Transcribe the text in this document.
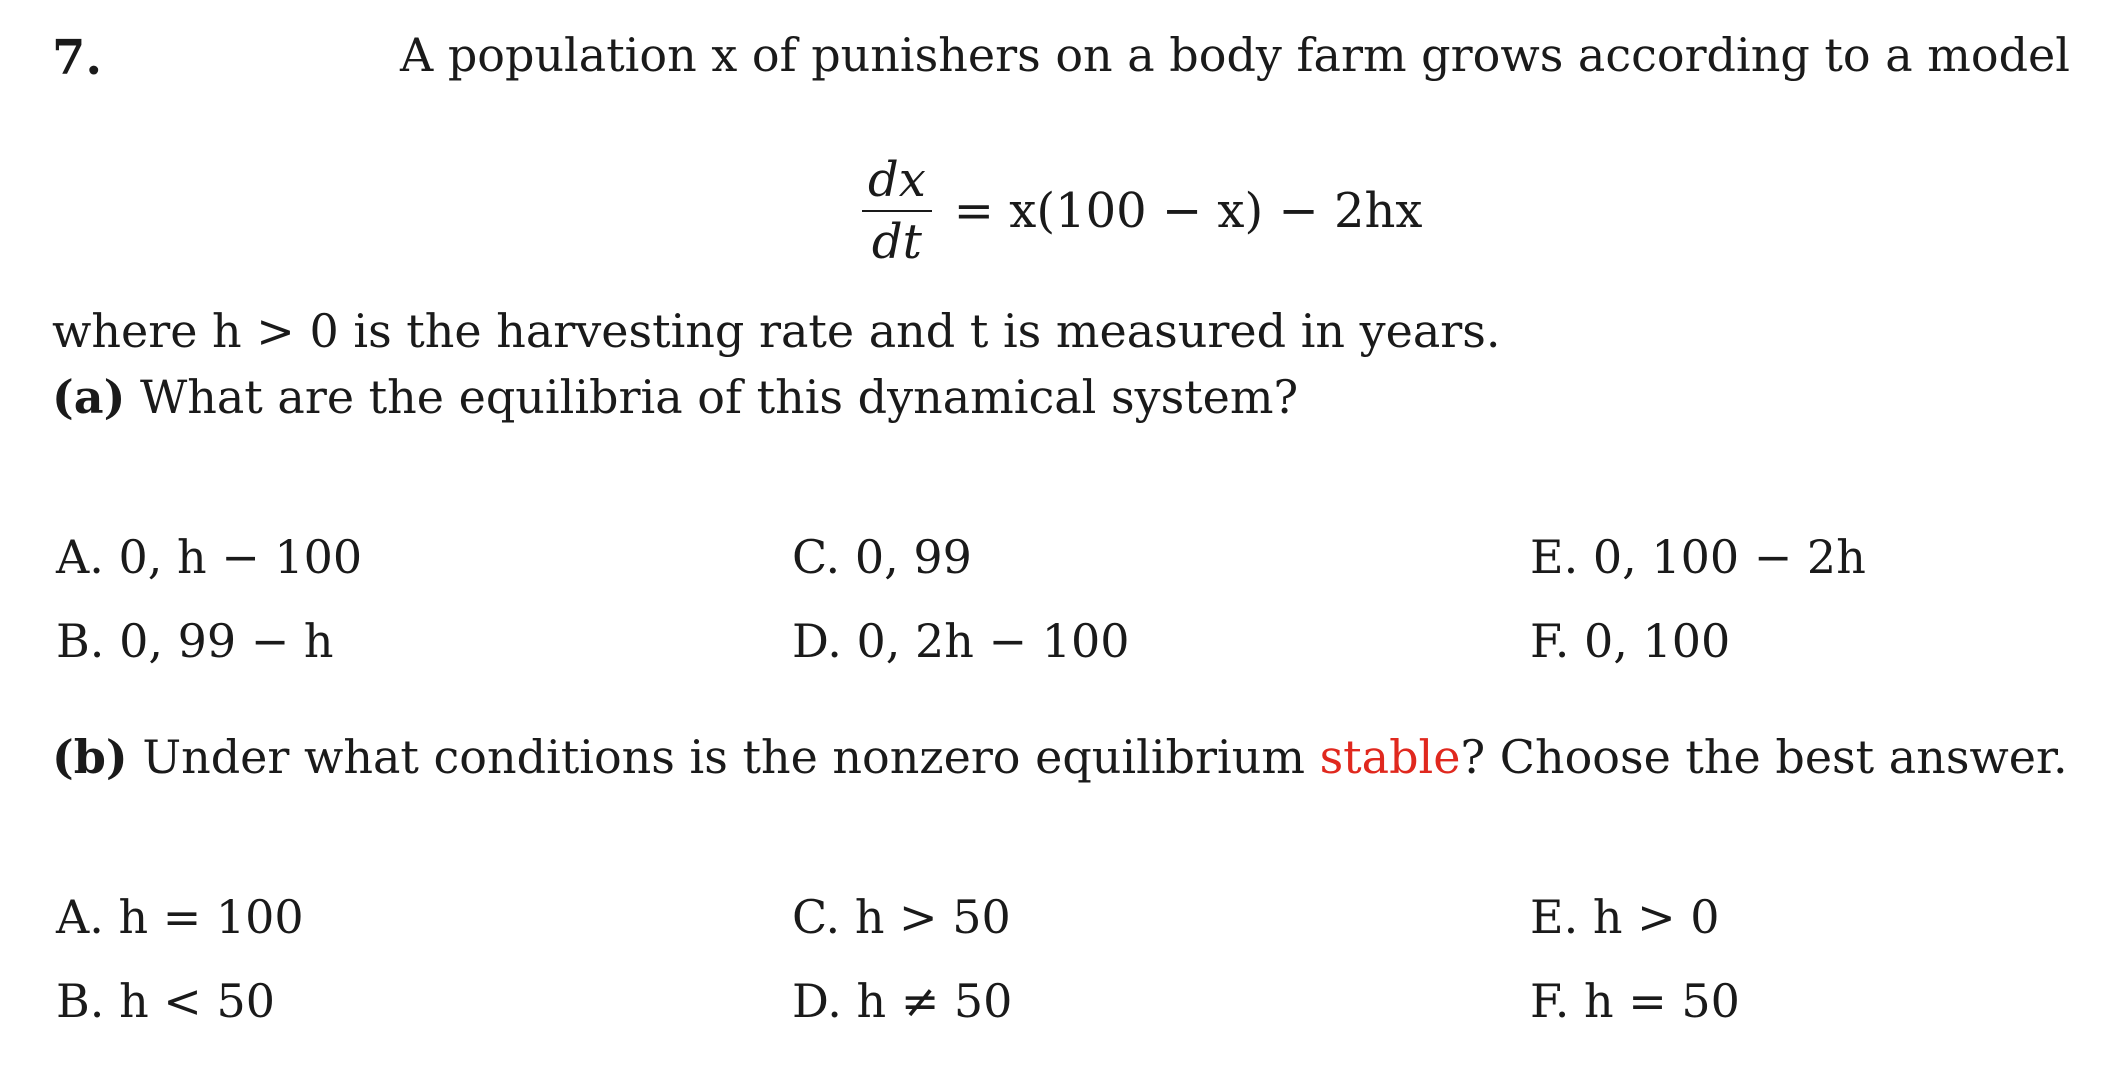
7.	A population x of punishers on a body farm grows according to a model
$\frac{dx}{dt} = x(100 - x) - 2hx$
where h > 0 is the harvesting rate and t is measured in years.
(a) What are the equilibria of this dynamical system?
A. 0, h − 100
B. 0, 99 − h
C. 0, 99
D. 0, 2h − 100
E. 0, 100 − 2h
F. 0, 100
(b) Under what conditions is the nonzero equilibrium stable? Choose the best answer.
A. h = 100
B. h < 50
C. h > 50
D. h ≠ 50
E. h > 0
F. h = 50
